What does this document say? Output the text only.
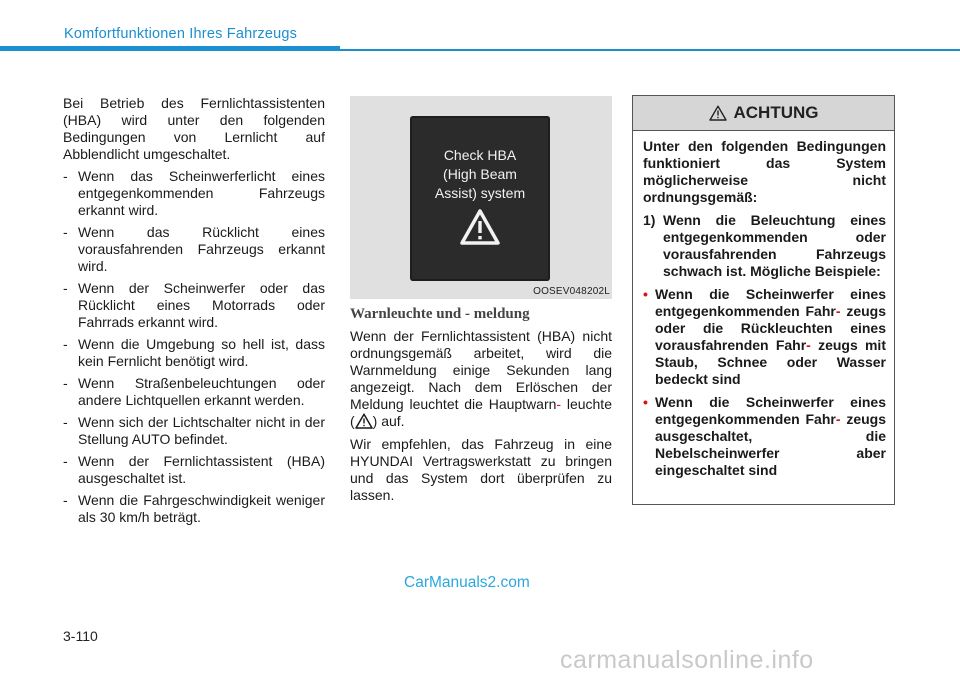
Komfortfunktionen Ihres Fahrzeugs

Bei Betrieb des Fernlichtassistenten (HBA) wird unter den folgenden Bedingungen von Lernlicht auf Abblendlicht umgeschaltet.

- Wenn das Scheinwerferlicht eines entgegenkommenden Fahrzeugs erkannt wird.
- Wenn das Rücklicht eines vorausfahrenden Fahrzeugs erkannt wird.
- Wenn der Scheinwerfer oder das Rücklicht eines Motorrads oder Fahrrads erkannt wird.
- Wenn die Umgebung so hell ist, dass kein Fernlicht benötigt wird.
- Wenn Straßenbeleuchtungen oder andere Lichtquellen erkannt werden.
- Wenn sich der Lichtschalter nicht in der Stellung AUTO befindet.
- Wenn der Fernlichtassistent (HBA) ausgeschaltet ist.
- Wenn die Fahrgeschwindigkeit weniger als 30 km/h beträgt.
Check HBA
(High Beam
Assist) system
OOSEV048202L
Warnleuchte und - meldung

Wenn der Fernlichtassistent (HBA) nicht ordnungsgemäß arbeitet, wird die Warnmeldung einige Sekunden lang angezeigt. Nach dem Erlöschen der Meldung leuchtet die Hauptwarn- leuchte ( ) auf.

Wir empfehlen, das Fahrzeug in eine HYUNDAI Vertragswerkstatt zu bringen und das System dort überprüfen zu lassen.

ACHTUNG

Unter den folgenden Bedingungen funktioniert das System möglicherweise nicht ordnungsgemäß:

1) Wenn die Beleuchtung eines entgegenkommenden oder vorausfahrenden Fahrzeugs schwach ist. Mögliche Beispiele:
• Wenn die Scheinwerfer eines entgegenkommenden Fahr- zeugs oder die Rückleuchten eines vorausfahrenden Fahr- zeugs mit Staub, Schnee oder Wasser bedeckt sind
• Wenn die Scheinwerfer eines entgegenkommenden Fahr- zeugs ausgeschaltet, die Nebelscheinwerfer aber eingeschaltet sind
CarManuals2.com
3-110
carmanualsonline.info
